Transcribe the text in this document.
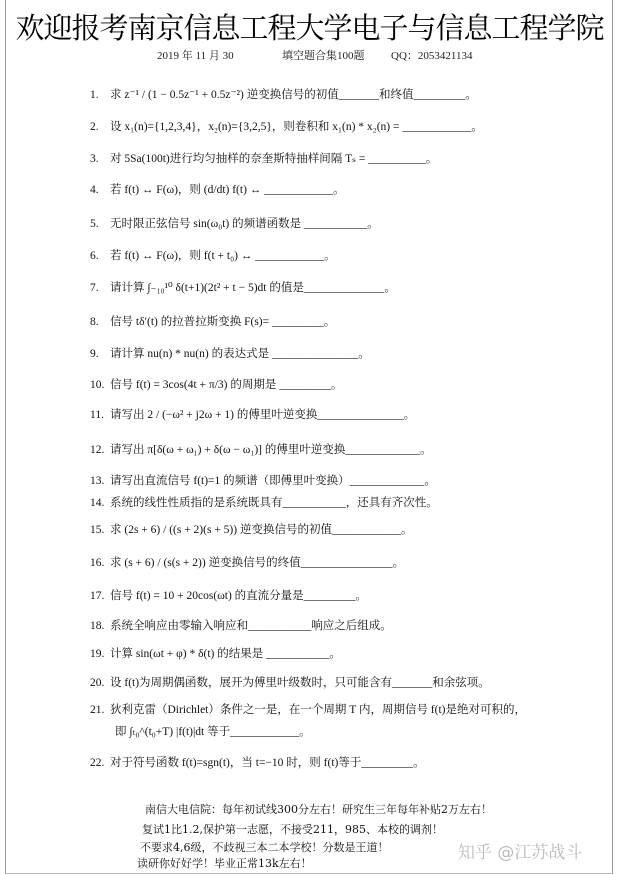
欢迎报考南京信息工程大学电子与信息工程学院
2019 年 11 月 30	填空题合集100题 QQ：2053421134
1. 求 z⁻¹ / (1 − 0.5z⁻¹ + 0.5z⁻²) 逆变换信号的初值_______和终值_________。
2. 设 x₁(n)={1,2,3,4}，x₂(n)={3,2,5}，则卷积和 x₁(n) * x₂(n) = ____________。
3. 对 5Sa(100t)进行均匀抽样的奈奎斯特抽样间隔 Tₛ = __________。
4. 若 f(t) ↔ F(ω)，则 (d/dt) f(t) ↔ ____________。
5. 无时限正弦信号 sin(ω₀t) 的频谱函数是 ___________。
6. 若 f(t) ↔ F(ω)，则 f(t + t₀) ↔ ____________。
7. 请计算 ∫₋₁₀¹⁰ δ(t+1)(2t² + t − 5)dt 的值是______________。
8. 信号 tδ′(t) 的拉普拉斯变换 F(s)= _________。
9. 请计算 nu(n) * nu(n) 的表达式是 _______________。
10. 信号 f(t) = 3cos(4t + π/3) 的周期是 _________。
11. 请写出 2 / (−ω² + j2ω + 1) 的傅里叶逆变换_______________。
12. 请写出 π[δ(ω + ω₁) + δ(ω − ω₁)] 的傅里叶逆变换_____________。
13. 请写出直流信号 f(t)=1 的频谱（即傅里叶变换）_____________。
14. 系统的线性性质指的是系统既具有___________，还具有齐次性。
15. 求 (2s + 6) / ((s + 2)(s + 5)) 逆变换信号的初值____________。
16. 求 (s + 6) / (s(s + 2)) 逆变换信号的终值________________。
17. 信号 f(t) = 10 + 20cos(ωt) 的直流分量是_________。
18. 系统全响应由零输入响应和___________响应之后组成。
19. 计算 sin(ωt + φ) * δ(t) 的结果是 ___________。
20. 设 f(t)为周期偶函数，展开为傅里叶级数时，只可能含有_______和余弦项。
21. 狄利克雷（Dirichlet）条件之一是，在一个周期 T 内，周期信号 f(t)是绝对可积的，
22. 对于符号函数 f(t)=sgn(t)，当 t=−10 时，则 f(t)等于_________。
即 ∫ₜ₀^(t₀+T) |f(t)|dt 等于____________。
南信大电信院：每年初试线300分左右！研究生三年每年补贴2万左右！
复试1比1.2,保护第一志愿，不接受211，985、本校的调剂！
不要求4,6级，不歧视三本二本学校！分数是王道！
读研你好好学！毕业正常13k左右！
知乎 @江苏战斗
